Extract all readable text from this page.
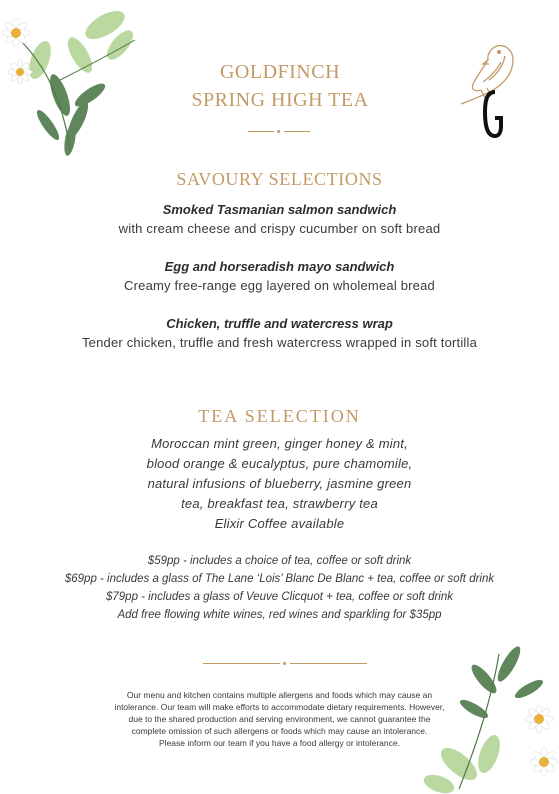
GOLDFINCH
SPRING HIGH TEA
SAVOURY SELECTIONS
Smoked Tasmanian salmon sandwich
with cream cheese and crispy cucumber on soft bread
Egg and horseradish mayo sandwich
Creamy free-range egg layered on wholemeal bread
Chicken, truffle and watercress wrap
Tender chicken, truffle and fresh watercress wrapped in soft tortilla
TEA SELECTION
Moroccan mint green, ginger honey & mint,
blood orange & eucalyptus, pure chamomile,
natural infusions of blueberry, jasmine green
tea, breakfast tea, strawberry tea
Elixir Coffee available
$59pp - includes a choice of tea, coffee or soft drink
$69pp - includes a glass of The Lane ‘Lois’ Blanc De Blanc + tea, coffee or soft drink
$79pp - includes a glass of Veuve Clicquot + tea, coffee or soft drink
Add free flowing white wines, red wines and sparkling for $35pp
Our menu and kitchen contains multiple allergens and foods which may cause an
intolerance. Our team will make efforts to accommodate dietary requirements. However,
due to the shared production and serving environment, we cannot guarantee the
complete omission of such allergens or foods which may cause an intolerance.
Please inform our team if you have a food allergy or intolerance.
